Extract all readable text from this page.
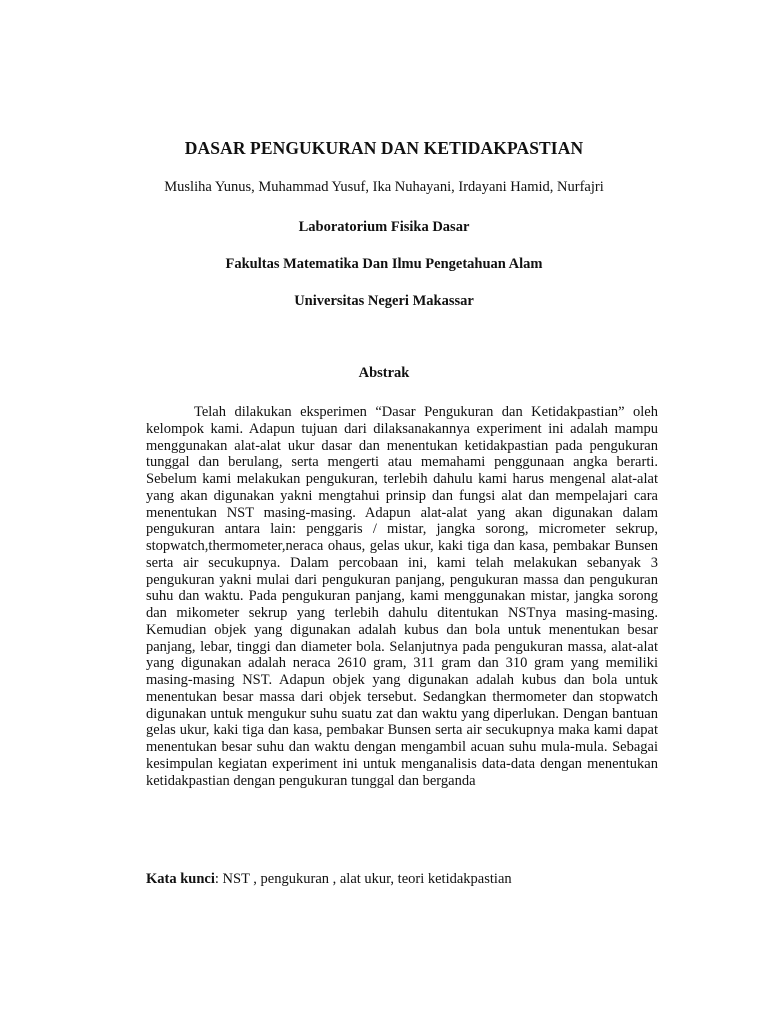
DASAR PENGUKURAN DAN KETIDAKPASTIAN
Musliha Yunus, Muhammad Yusuf, Ika Nuhayani, Irdayani Hamid, Nurfajri
Laboratorium Fisika Dasar
Fakultas Matematika Dan Ilmu Pengetahuan Alam
Universitas Negeri Makassar
Abstrak

Telah dilakukan eksperimen “Dasar Pengukuran dan Ketidakpastian” oleh kelompok kami. Adapun tujuan dari dilaksanakannya experiment ini adalah mampu menggunakan alat-alat ukur dasar dan menentukan ketidakpastian pada pengukuran tunggal dan berulang, serta mengerti atau memahami penggunaan angka berarti. Sebelum kami melakukan pengukuran, terlebih dahulu kami harus mengenal alat-alat yang akan digunakan yakni mengtahui prinsip dan fungsi alat dan mempelajari cara menentukan NST masing-masing. Adapun alat-alat yang akan digunakan dalam pengukuran antara lain: penggaris / mistar, jangka sorong, micrometer sekrup, stopwatch,thermometer,neraca ohaus, gelas ukur, kaki tiga dan kasa, pembakar Bunsen serta air secukupnya. Dalam percobaan ini, kami telah melakukan sebanyak 3 pengukuran yakni mulai dari pengukuran panjang, pengukuran massa dan pengukuran suhu dan waktu. Pada pengukuran panjang, kami menggunakan mistar, jangka sorong dan mikometer sekrup yang terlebih dahulu ditentukan NSTnya masing-masing. Kemudian objek yang digunakan adalah kubus dan bola untuk menentukan besar panjang, lebar, tinggi dan diameter bola. Selanjutnya pada pengukuran massa, alat-alat yang digunakan adalah neraca 2610 gram, 311 gram dan 310 gram yang memiliki masing-masing NST. Adapun objek yang digunakan adalah kubus dan bola untuk menentukan besar massa dari objek tersebut. Sedangkan thermometer dan stopwatch digunakan untuk mengukur suhu suatu zat dan waktu yang diperlukan. Dengan bantuan gelas ukur, kaki tiga dan kasa, pembakar Bunsen serta air secukupnya maka kami dapat menentukan besar suhu dan waktu dengan mengambil acuan suhu mula-mula. Sebagai kesimpulan kegiatan experiment ini untuk menganalisis data-data dengan menentukan ketidakpastian dengan pengukuran tunggal dan berganda

Kata kunci: NST , pengukuran , alat ukur, teori ketidakpastian
